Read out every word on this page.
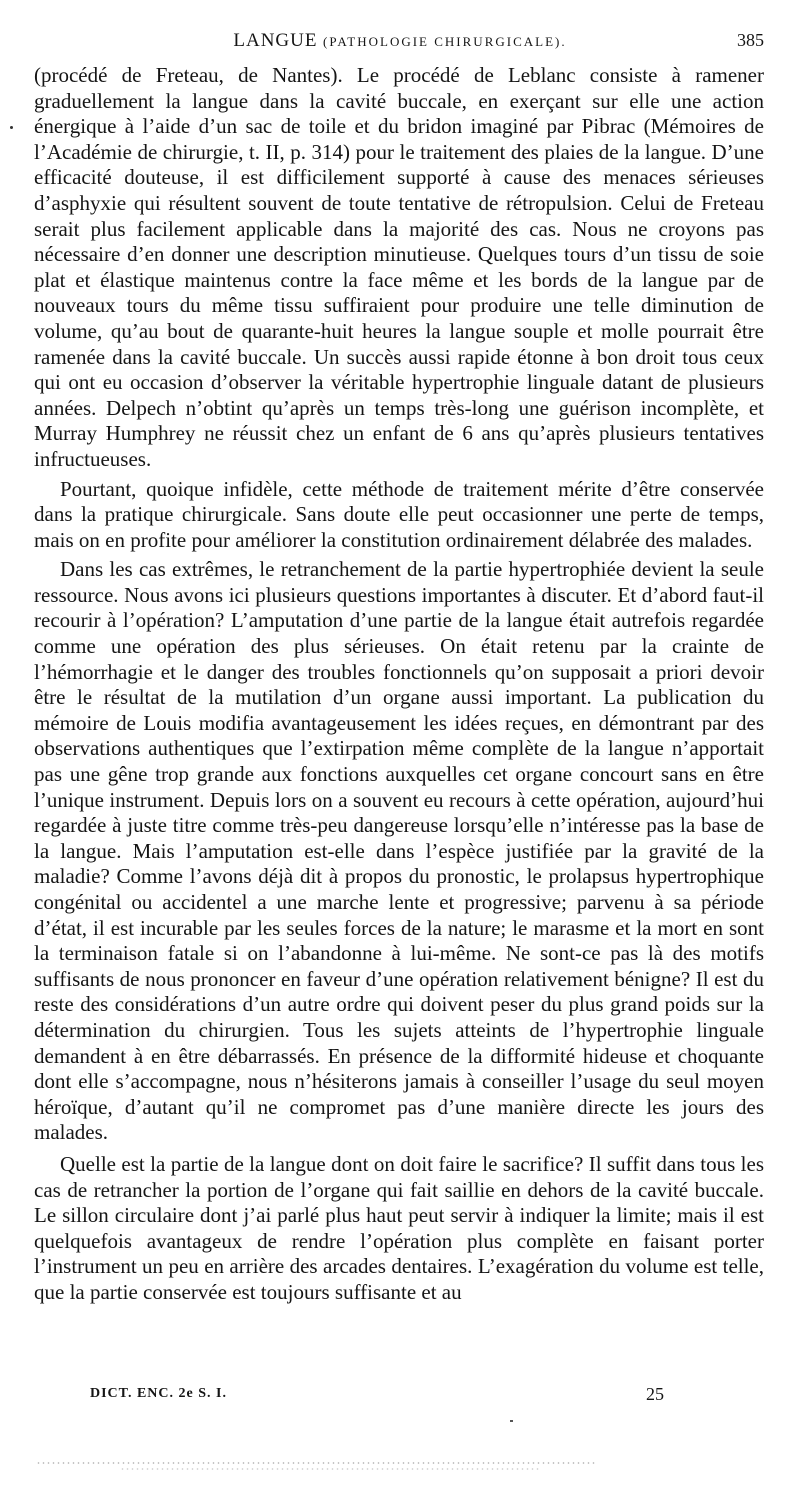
LANGUE (PATHOLOGIE CHIRURGICALE).	385

(procédé de Freteau, de Nantes). Le procédé de Leblanc consiste à ramener graduellement la langue dans la cavité buccale, en exerçant sur elle une action énergique à l’aide d’un sac de toile et du bridon imaginé par Pibrac (Mémoires de l’Académie de chirurgie, t. II, p. 314) pour le traitement des plaies de la langue. D’une efficacité douteuse, il est difficilement supporté à cause des menaces sérieuses d’asphyxie qui résultent souvent de toute tentative de rétropulsion. Celui de Freteau serait plus facilement applicable dans la majorité des cas. Nous ne croyons pas nécessaire d’en donner une description minutieuse. Quelques tours d’un tissu de soie plat et élastique maintenus contre la face même et les bords de la langue par de nouveaux tours du même tissu suffiraient pour produire une telle diminution de volume, qu’au bout de quarante-huit heures la langue souple et molle pourrait être ramenée dans la cavité buccale. Un succès aussi rapide étonne à bon droit tous ceux qui ont eu occasion d’observer la véritable hypertrophie linguale datant de plusieurs années. Delpech n’obtint qu’après un temps très-long une guérison incomplète, et Murray Humphrey ne réussit chez un enfant de 6 ans qu’après plusieurs tentatives infructueuses.

Pourtant, quoique infidèle, cette méthode de traitement mérite d’être conservée dans la pratique chirurgicale. Sans doute elle peut occasionner une perte de temps, mais on en profite pour améliorer la constitution ordinairement délabrée des malades.

Dans les cas extrêmes, le retranchement de la partie hypertrophiée devient la seule ressource. Nous avons ici plusieurs questions importantes à discuter. Et d’abord faut-il recourir à l’opération? L’amputation d’une partie de la langue était autrefois regardée comme une opération des plus sérieuses. On était retenu par la crainte de l’hémorrhagie et le danger des troubles fonctionnels qu’on supposait a priori devoir être le résultat de la mutilation d’un organe aussi important. La publication du mémoire de Louis modifia avantageusement les idées reçues, en démontrant par des observations authentiques que l’extirpation même complète de la langue n’apportait pas une gêne trop grande aux fonctions auxquelles cet organe concourt sans en être l’unique instrument. Depuis lors on a souvent eu recours à cette opération, aujourd’hui regardée à juste titre comme très-peu dangereuse lorsqu’elle n’intéresse pas la base de la langue. Mais l’amputation est-elle dans l’espèce justifiée par la gravité de la maladie? Comme l’avons déjà dit à propos du pronostic, le prolapsus hypertrophique congénital ou accidentel a une marche lente et progressive; parvenu à sa période d’état, il est incurable par les seules forces de la nature; le marasme et la mort en sont la terminaison fatale si on l’abandonne à lui-même. Ne sont-ce pas là des motifs suffisants de nous prononcer en faveur d’une opération relativement bénigne? Il est du reste des considérations d’un autre ordre qui doivent peser du plus grand poids sur la détermination du chirurgien. Tous les sujets atteints de l’hypertrophie linguale demandent à en être débarrassés. En présence de la difformité hideuse et choquante dont elle s’accompagne, nous n’hésiterons jamais à conseiller l’usage du seul moyen héroïque, d’autant qu’il ne compromet pas d’une manière directe les jours des malades.

Quelle est la partie de la langue dont on doit faire le sacrifice? Il suffit dans tous les cas de retrancher la portion de l’organe qui fait saillie en dehors de la cavité buccale. Le sillon circulaire dont j’ai parlé plus haut peut servir à indiquer la limite; mais il est quelquefois avantageux de rendre l’opération plus complète en faisant porter l’instrument un peu en arrière des arcades dentaires. L’exagération du volume est telle, que la partie conservée est toujours suffisante et au

DICT. ENC. 2e S. I.	25
